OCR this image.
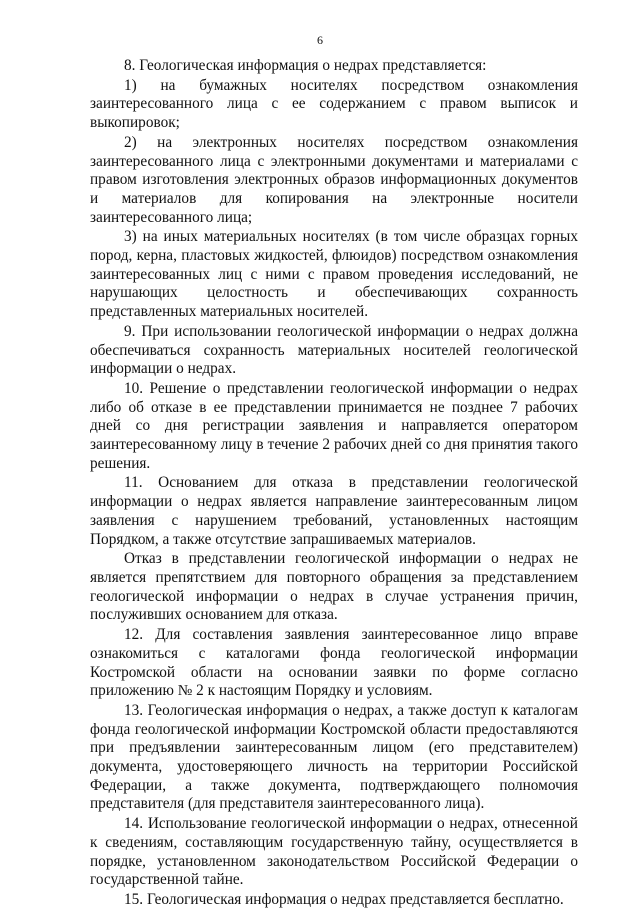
6

8. Геологическая информация о недрах представляется:

1) на бумажных носителях посредством ознакомления заинтересованного лица с ее содержанием с правом выписок и выкопировок;

2) на электронных носителях посредством ознакомления заинтересованного лица с электронными документами и материалами с правом изготовления электронных образов информационных документов и материалов для копирования на электронные носители заинтересованного лица;

3) на иных материальных носителях (в том числе образцах горных пород, керна, пластовых жидкостей, флюидов) посредством ознакомления заинтересованных лиц с ними с правом проведения исследований, не нарушающих целостность и обеспечивающих сохранность представленных материальных носителей.

9. При использовании геологической информации о недрах должна обеспечиваться сохранность материальных носителей геологической информации о недрах.

10. Решение о представлении геологической информации о недрах либо об отказе в ее представлении принимается не позднее 7 рабочих дней со дня регистрации заявления и направляется оператором заинтересованному лицу в течение 2 рабочих дней со дня принятия такого решения.

11. Основанием для отказа в представлении геологической информации о недрах является направление заинтересованным лицом заявления с нарушением требований, установленных настоящим Порядком, а также отсутствие запрашиваемых материалов.

Отказ в представлении геологической информации о недрах не является препятствием для повторного обращения за представлением геологической информации о недрах в случае устранения причин, послуживших основанием для отказа.

12. Для составления заявления заинтересованное лицо вправе ознакомиться с каталогами фонда геологической информации Костромской области на основании заявки по форме согласно приложению № 2 к настоящим Порядку и условиям.

13. Геологическая информация о недрах, а также доступ к каталогам фонда геологической информации Костромской области предоставляются при предъявлении заинтересованным лицом (его представителем) документа, удостоверяющего личность на территории Российской Федерации, а также документа, подтверждающего полномочия представителя (для представителя заинтересованного лица).

14. Использование геологической информации о недрах, отнесенной к сведениям, составляющим государственную тайну, осуществляется в порядке, установленном законодательством Российской Федерации о государственной тайне.

15. Геологическая информация о недрах представляется бесплатно.
